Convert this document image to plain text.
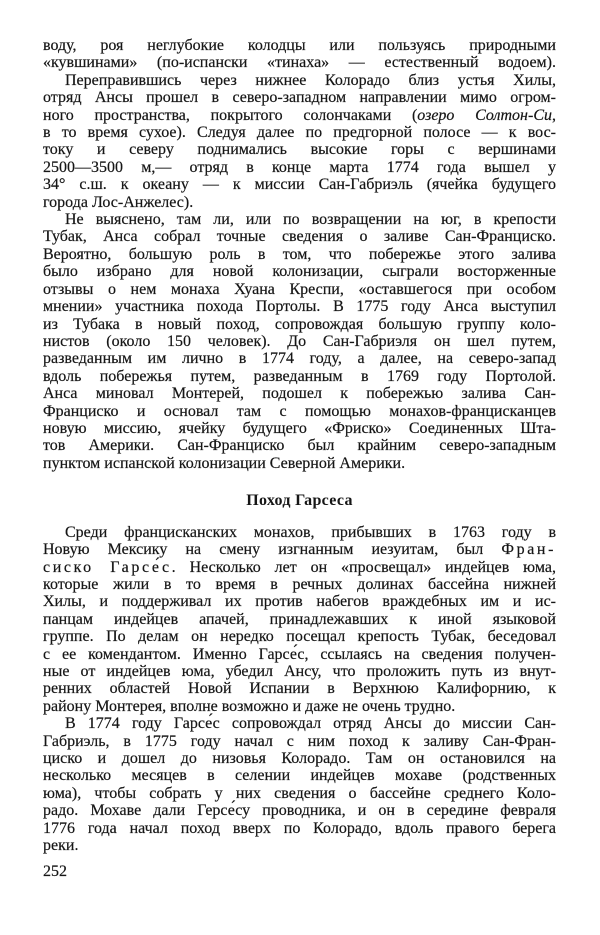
воду, роя неглубокие колодцы или пользуясь природными
«кувшинами» (по-испански «тинаха» — естественный водоем).
Переправившись через нижнее Колорадо близ устья Хилы,
отряд Ансы прошел в северо-западном направлении мимо огром-
ного пространства, покрытого солончаками (озеро Солтон-Си,
в то время сухое). Следуя далее по предгорной полосе — к вос-
току и северу поднимались высокие горы с вершинами
2500—3500 м,— отряд в конце марта 1774 года вышел у
34° с.ш. к океану — к миссии Сан-Габриэль (ячейка будущего
города Лос-Анжелес).
Не выяснено, там ли, или по возвращении на юг, в крепости
Тубак, Анса собрал точные сведения о заливе Сан-Франциско.
Вероятно, большую роль в том, что побережье этого залива
было избрано для новой колонизации, сыграли восторженные
отзывы о нем монаха Хуана Креспи, «оставшегося при особом
мнении» участника похода Портолы. В 1775 году Анса выступил
из Тубака в новый поход, сопровождая большую группу коло-
нистов (около 150 человек). До Сан-Габриэля он шел путем,
разведанным им лично в 1774 году, а далее, на северо-запад
вдоль побережья путем, разведанным в 1769 году Портолой.
Анса миновал Монтерей, подошел к побережью залива Сан-
Франциско и основал там с помощью монахов-францисканцев
новую миссию, ячейку будущего «Фриско» Соединенных Шта-
тов Америки. Сан-Франциско был крайним северо-западным
пунктом испанской колонизации Северной Америки.
Поход Гарсеса
Среди францисканских монахов, прибывших в 1763 году в
Новую Мексику на смену изгнанным иезуитам, был Фран-
сиско Гарсе́с. Несколько лет он «просвещал» индейцев юма,
которые жили в то время в речных долинах бассейна нижней
Хилы, и поддерживал их против набегов враждебных им и ис-
панцам индейцев апачей, принадлежавших к иной языковой
группе. По делам он нередко посещал крепость Тубак, беседовал
с ее комендантом. Именно Гарсе́с, ссылаясь на сведения получен-
ные от индейцев юма, убедил Ансу, что проложить путь из внут-
ренних областей Новой Испании в Верхнюю Калифорнию, к
району Монтерея, вполне возможно и даже не очень трудно.
В 1774 году Гарсе́с сопровождал отряд Ансы до миссии Сан-
Габриэль, в 1775 году начал с ним поход к заливу Сан-Фран-
циско и дошел до низовья Колорадо. Там он остановился на
несколько месяцев в селении индейцев мохаве (родственных
юма), чтобы собрать у них сведения о бассейне среднего Коло-
радо. Мохаве дали Герсе́су проводника, и он в середине февраля
1776 года начал поход вверх по Колорадо, вдоль правого берега
реки.
252
